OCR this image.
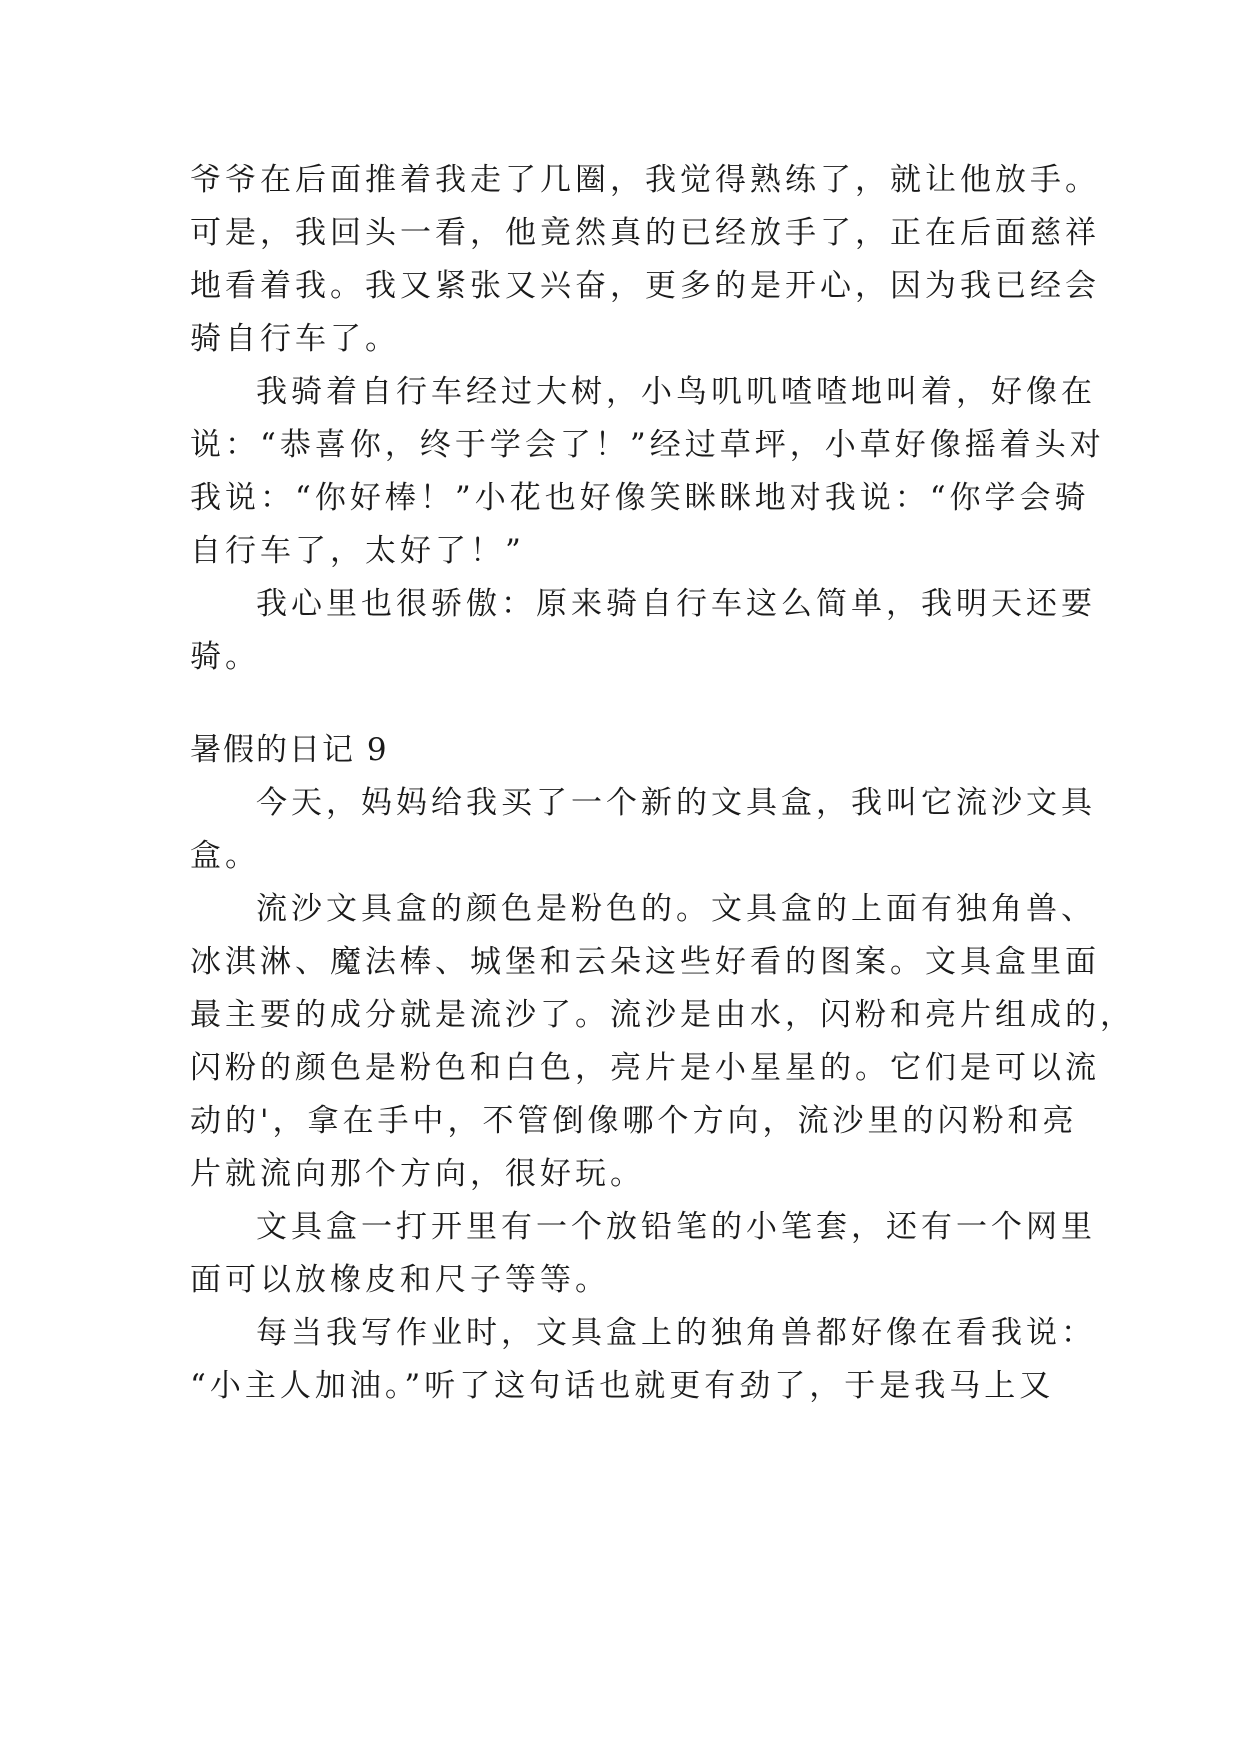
爷爷在后面推着我走了几圈，我觉得熟练了，就让他放手。
可是，我回头一看，他竟然真的已经放手了，正在后面慈祥
地看着我。我又紧张又兴奋，更多的是开心，因为我已经会
骑自行车了。
我骑着自行车经过大树，小鸟叽叽喳喳地叫着，好像在
说：“恭喜你，终于学会了！”经过草坪，小草好像摇着头对
我说：“你好棒！”小花也好像笑眯眯地对我说：“你学会骑
自行车了，太好了！”
我心里也很骄傲：原来骑自行车这么简单，我明天还要
骑。
暑假的日记 9
今天，妈妈给我买了一个新的文具盒，我叫它流沙文具
盒。
流沙文具盒的颜色是粉色的。文具盒的上面有独角兽、
冰淇淋、魔法棒、城堡和云朵这些好看的图案。文具盒里面
最主要的成分就是流沙了。流沙是由水，闪粉和亮片组成的，
闪粉的颜色是粉色和白色，亮片是小星星的。它们是可以流
动的'，拿在手中，不管倒像哪个方向，流沙里的闪粉和亮
片就流向那个方向，很好玩。
文具盒一打开里有一个放铅笔的小笔套，还有一个网里
面可以放橡皮和尺子等等。
每当我写作业时，文具盒上的独角兽都好像在看我说：
“小主人加油。”听了这句话也就更有劲了，于是我马上又
